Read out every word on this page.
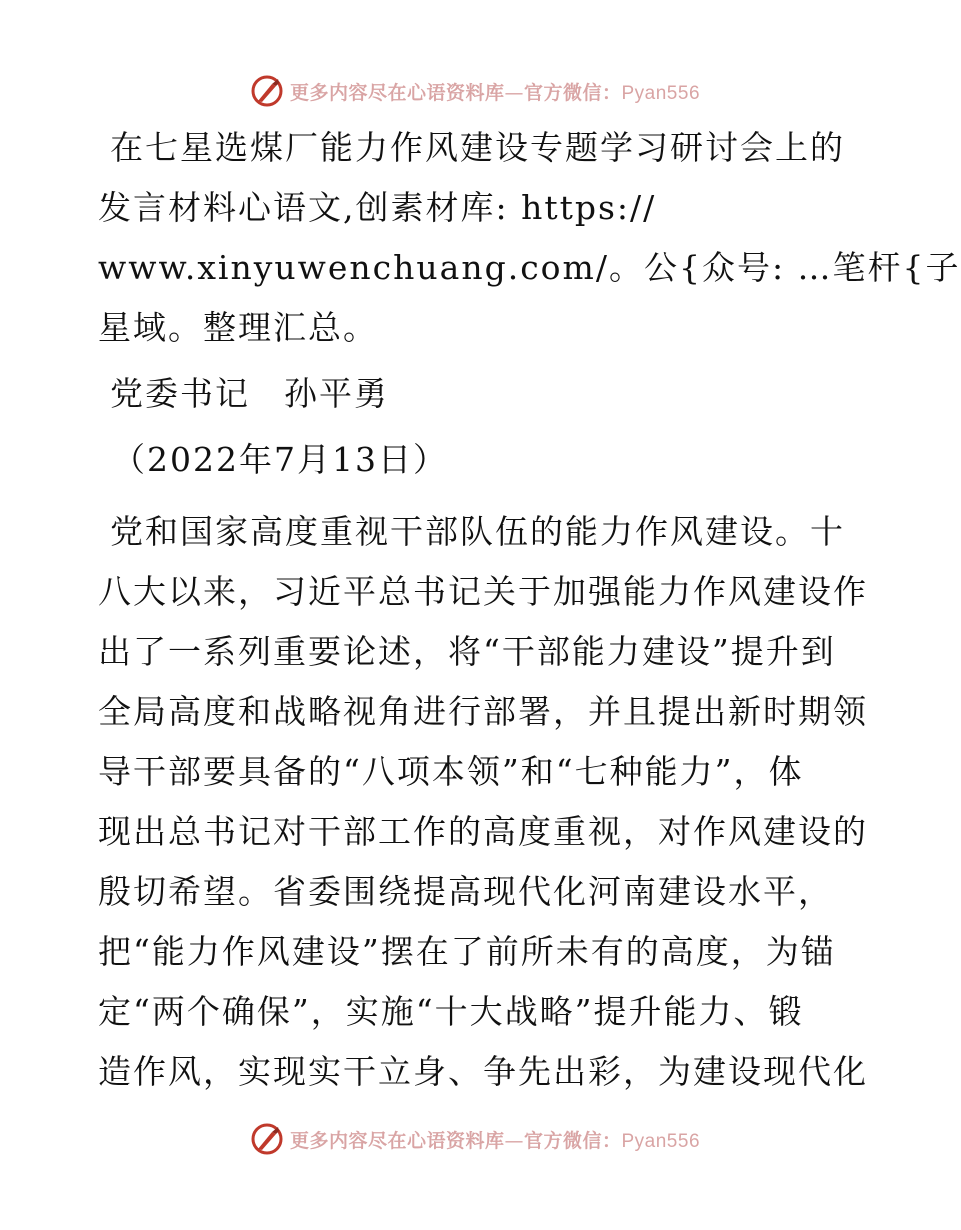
更多内容尽在心语资料库—官方微信：Pyan556
在七星选煤厂能力作风建设专题学习研讨会上的
发言材料心语文,创素材库: https://
www.xinyuwenchuang.com/。公{众号: …笔杆{子
星域。整理汇总。
党委书记 孙平勇
（2022年7月13日）
党和国家高度重视干部队伍的能力作风建设。十
八大以来，习近平总书记关于加强能力作风建设作
出了一系列重要论述，将“干部能力建设”提升到
全局高度和战略视角进行部署，并且提出新时期领
导干部要具备的“八项本领”和“七种能力”，体
现出总书记对干部工作的高度重视，对作风建设的
殷切希望。省委围绕提高现代化河南建设水平，
把“能力作风建设”摆在了前所未有的高度，为锚
定“两个确保”，实施“十大战略”提升能力、锻
造作风，实现实干立身、争先出彩，为建设现代化
更多内容尽在心语资料库—官方微信：Pyan556
